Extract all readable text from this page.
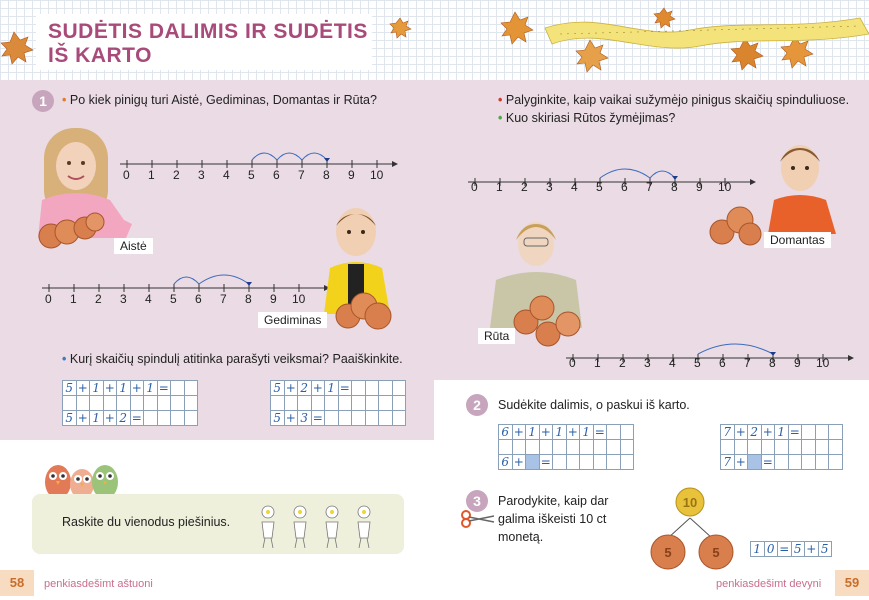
SUDĖTIS DALIMIS IR SUDĖTIS
IŠ KARTO
1	• Po kiek pinigų turi Aistė, Gediminas, Domantas ir Rūta?
Aistė
0 1 2 3 4 5 6 7 8 9 10
0 1 2 3 4 5 6 7 8 9 10
Gediminas
• Kurį skaičių spindulį atitinka parašyti veiksmai? Paaiškinkite.
5	+	1	+	1	+	1	=		

5	+	1	+	2	=				
5	+	2	+	1	=				

5	+	3	=						
Raskite du vienodus piešinius.
58	penkiasdešimt aštuoni
• Palyginkite, kaip vaikai sužymėjo pinigus skaičių spinduliuose.
• Kuo skiriasi Rūtos žymėjimas?
0 1 2 3 4 5 6 7 8 9 10
Domantas
Rūta
0 1 2 3 4 5 6 7 8 9 10
2	Sudėkite dalimis, o paskui iš karto.
6	+	1	+	1	+	1	=		

6	+		=						
7	+	2	+	1	=			

7	+		=					
3	Parodykite, kaip dar
galima iškeisti 10 ct
monetą.
10
5	5	1	0	=	5	+	5
penkiasdešimt devyni	59
